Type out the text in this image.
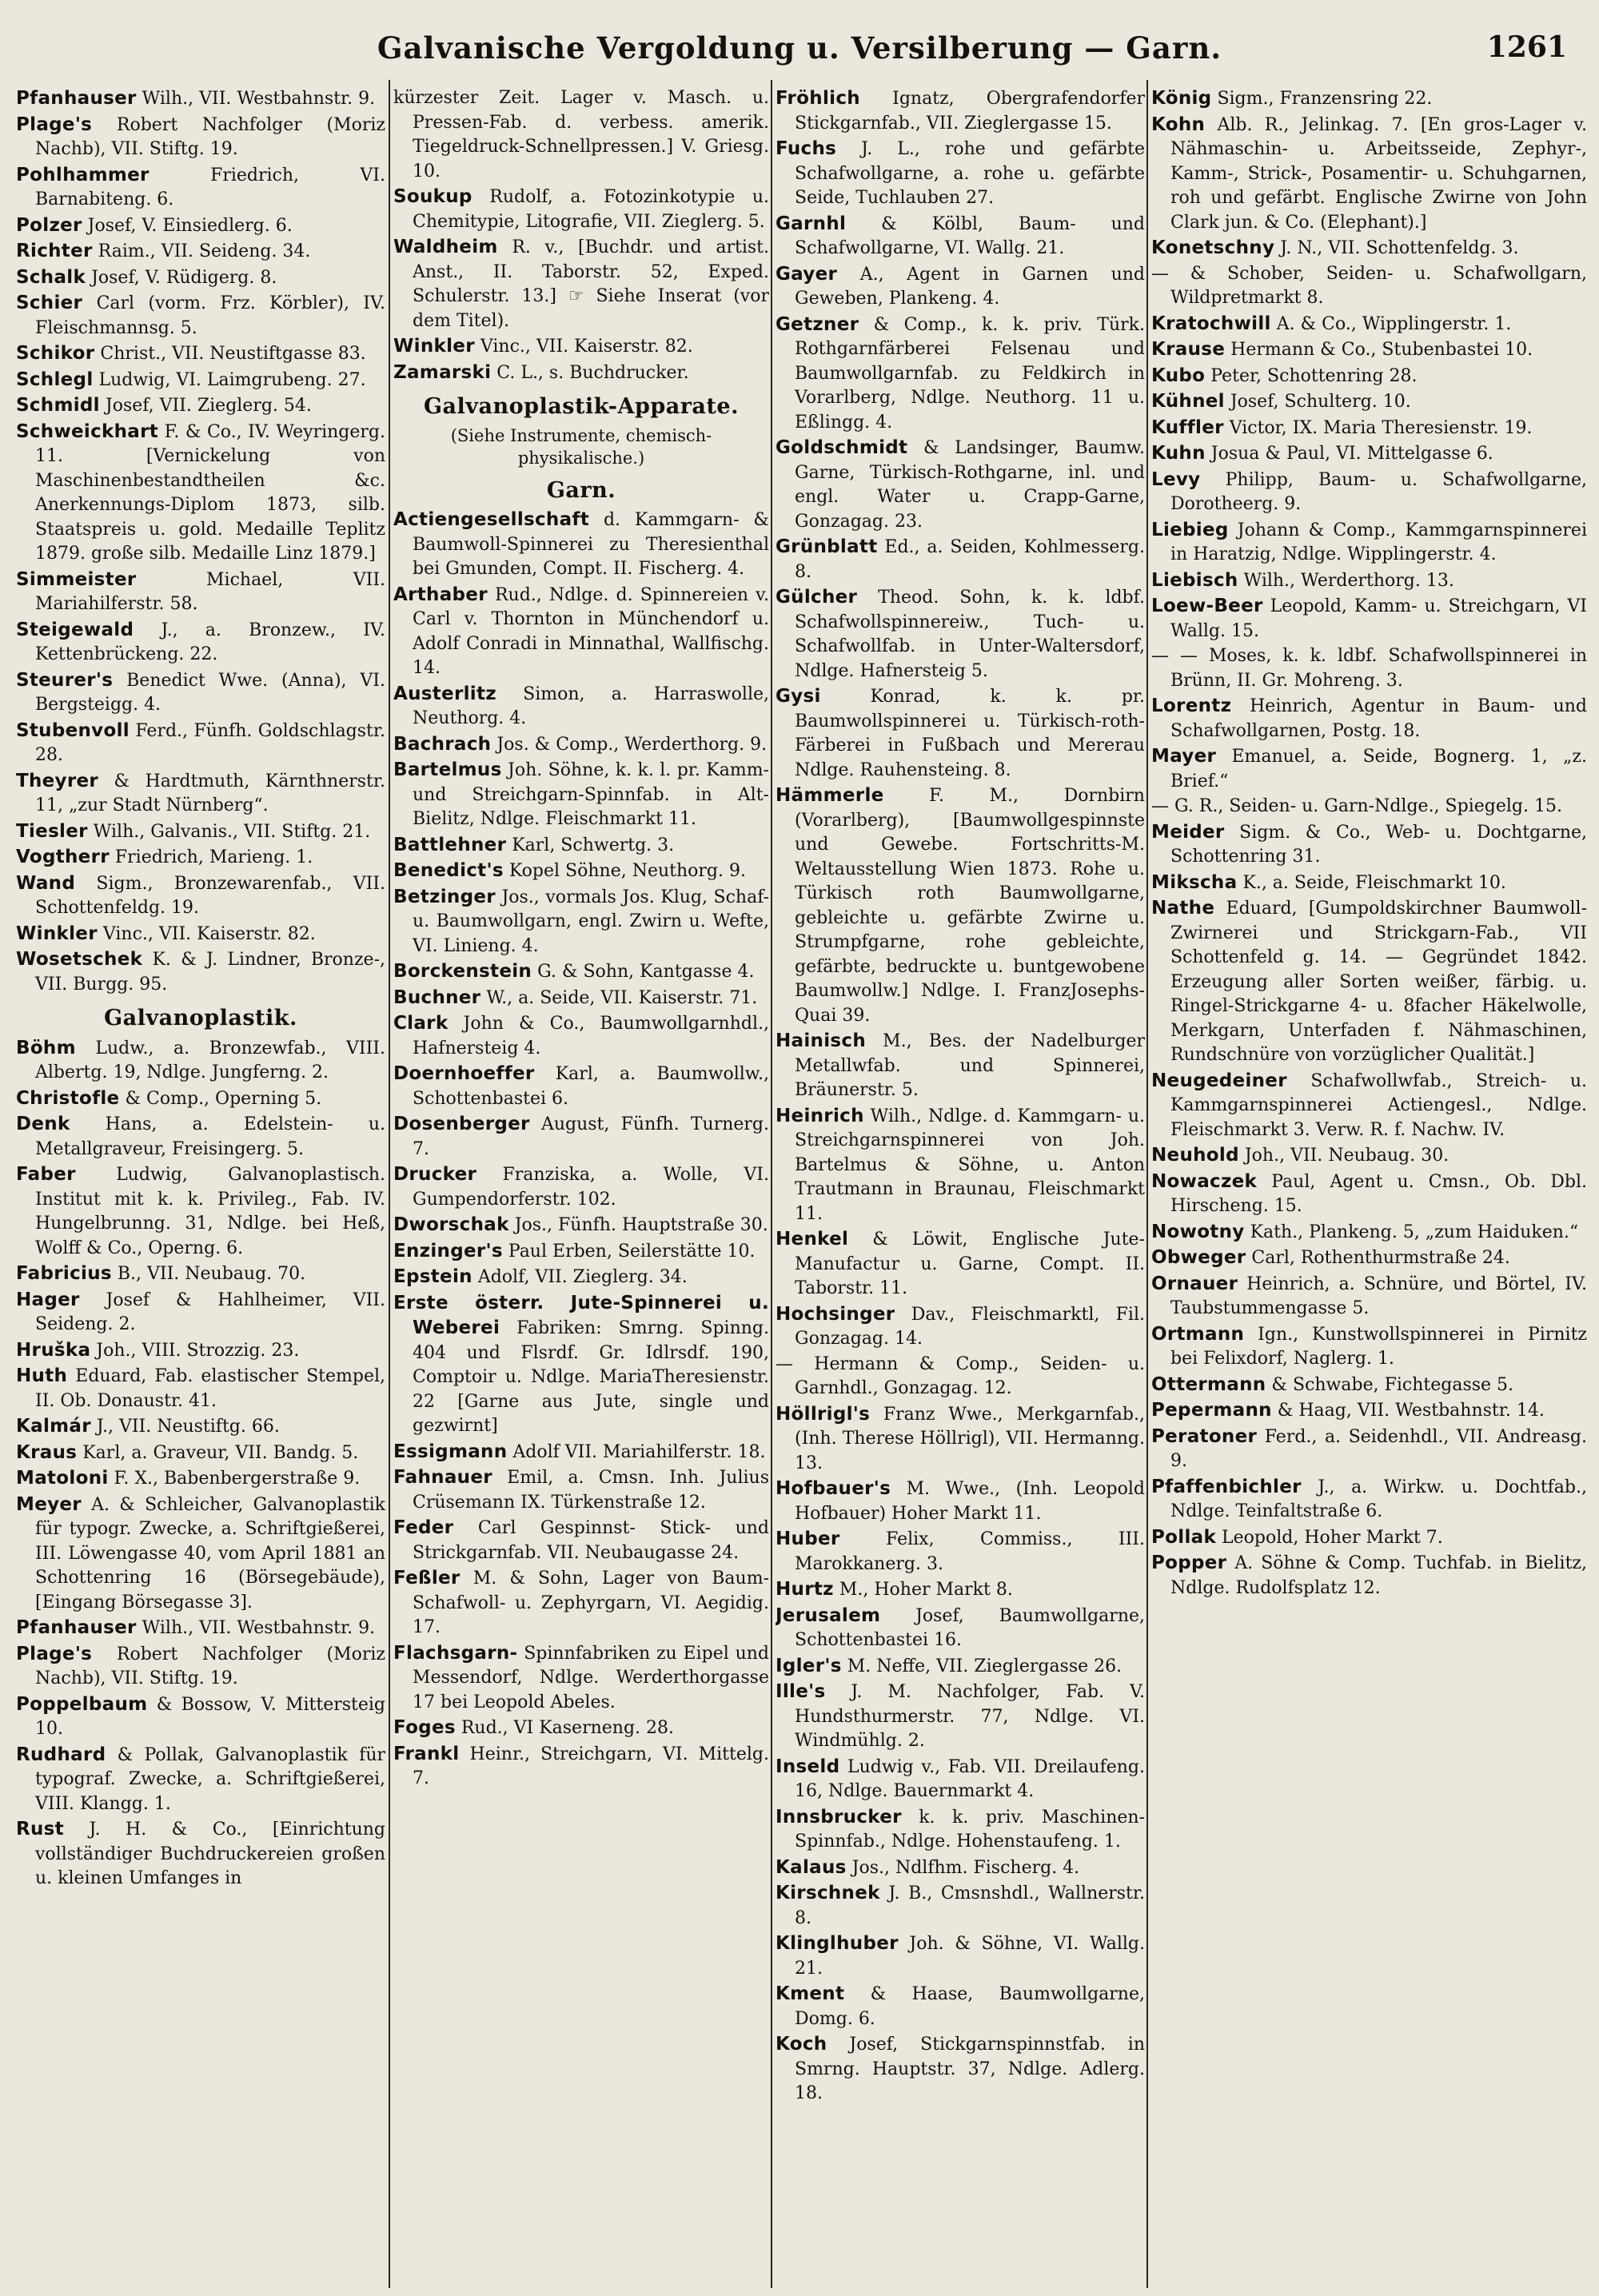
Galvanische Vergoldung u. Versilberung — Garn.	1261
Pfanhauser Wilh., VII. Westbahnstr. 9.
Plage's Robert Nachfolger (Moriz Nachb), VII. Stiftg. 19.
Pohlhammer	Friedrich, VI. Barnabiteng. 6.
Polzer Josef, V. Einsiedlerg. 6.
Richter Raim., VII. Seideng. 34.
Schalk Josef, V. Rüdigerg. 8.
Schier Carl (vorm. Frz. Körbler), IV. Fleischmannsg. 5.
Schikor Christ., VII. Neustiftgasse 83.
Schlegl Ludwig, VI. Laimgrubeng. 27.
Schmidl Josef, VII. Zieglerg. 54.
Schweickhart F. & Co., IV. Weyringerg. 11. [Vernickelung von Maschinenbestandtheilen &c. Anerkennungs-Diplom 1873, silb. Staatspreis u. gold. Medaille Teplitz 1879. große silb. Medaille Linz 1879.]
Simmeister	Michael, VII. Mariahilferstr. 58.
Steigewald J., a. Bronzew., IV. Kettenbrückeng. 22.
Steurer's Benedict Wwe. (Anna), VI. Bergsteigg. 4.
Stubenvoll Ferd., Fünfh. Goldschlagstr. 28.
Theyrer & Hardtmuth, Kärnthnerstr. 11, „zur Stadt Nürnberg“.
Tiesler Wilh., Galvanis., VII. Stiftg. 21.
Vogtherr Friedrich, Marieng. 1.
Wand Sigm., Bronzewarenfab., VII. Schottenfeldg. 19.
Winkler Vinc., VII. Kaiserstr. 82.
Wosetschek K. & J. Lindner, Bronze-, VII. Burgg. 95.
Galvanoplastik.
Böhm Ludw., a. Bronzewfab., VIII. Albertg. 19, Ndlge. Jungferng. 2.
Christofle & Comp., Operning 5.
Denk Hans, a. Edelstein- u. Metallgraveur, Freisingerg. 5.
Faber Ludwig, Galvanoplastisch. Institut mit k. k. Privileg., Fab. IV. Hungelbrunng. 31, Ndlge. bei Heß, Wolff & Co., Operng. 6.
Fabricius B., VII. Neubaug. 70.
Hager Josef & Hahlheimer, VII. Seideng. 2.
Hruška Joh., VIII. Strozzig. 23.
Huth Eduard, Fab. elastischer Stempel, II. Ob. Donaustr. 41.
Kalmár J., VII. Neustiftg. 66.
Kraus Karl, a. Graveur, VII. Bandg. 5.
Matoloni F. X., Babenbergerstraße 9.
Meyer A. & Schleicher, Galvanoplastik für typogr. Zwecke, a. Schriftgießerei, III. Löwengasse 40, vom April 1881 an Schottenring 16 (Börsegebäude), [Eingang Börsegasse 3].
Pfanhauser Wilh., VII. Westbahnstr. 9.
Plage's Robert Nachfolger (Moriz Nachb), VII. Stiftg. 19.
Poppelbaum & Bossow, V. Mittersteig 10.
Rudhard & Pollak, Galvanoplastik für typograf. Zwecke, a. Schriftgießerei, VIII. Klangg. 1.
Rust J. H. & Co., [Einrichtung vollständiger Buchdruckereien großen u. kleinen Umfanges in
kürzester Zeit. Lager v. Masch. u. Pressen-Fab. d. verbess. amerik. Tiegeldruck-Schnellpressen.] V. Griesg. 10.
Soukup Rudolf, a. Fotozinkotypie u. Chemitypie, Litografie, VII. Zieglerg. 5.
Waldheim R. v., [Buchdr. und artist. Anst., II. Taborstr. 52, Exped. Schulerstr. 13.] ☞ Siehe Inserat (vor dem Titel).
Winkler Vinc., VII. Kaiserstr. 82.
Zamarski C. L., s. Buchdrucker.
Galvanoplastik-Apparate.
(Siehe Instrumente, chemisch-physikalische.)
Garn.
Actiengesellschaft d. Kammgarn- & Baumwoll-Spinnerei zu Theresienthal bei Gmunden, Compt. II. Fischerg. 4.
Arthaber Rud., Ndlge. d. Spinnereien v. Carl v. Thornton in Münchendorf u. Adolf Conradi in Minnathal, Wallfischg. 14.
Austerlitz Simon, a. Harraswolle, Neuthorg. 4.
Bachrach Jos. & Comp., Werderthorg. 9.
Bartelmus Joh. Söhne, k. k. l. pr. Kamm- und Streichgarn-Spinnfab. in Alt-Bielitz, Ndlge. Fleischmarkt 11.
Battlehner Karl, Schwertg. 3.
Benedict's Kopel Söhne, Neuthorg. 9.
Betzinger Jos., vormals Jos. Klug, Schaf- u. Baumwollgarn, engl. Zwirn u. Wefte, VI. Linieng. 4.
Borckenstein G. & Sohn, Kantgasse 4.
Buchner W., a. Seide, VII. Kaiserstr. 71.
Clark John & Co., Baumwollgarnhdl., Hafnersteig 4.
Doernhoeffer Karl, a. Baumwollw., Schottenbastei 6.
Dosenberger August, Fünfh. Turnerg. 7.
Drucker Franziska, a. Wolle, VI. Gumpendorferstr. 102.
Dworschak Jos., Fünfh. Hauptstraße 30.
Enzinger's Paul Erben, Seilerstätte 10.
Epstein Adolf, VII. Zieglerg. 34.
Erste österr. Jute-Spinnerei u. Weberei Fabriken: Smrng. Spinng. 404 und Flsrdf. Gr. Idlrsdf. 190, Comptoir u. Ndlge. MariaTheresienstr. 22 [Garne aus Jute, single und gezwirnt]
Essigmann Adolf VII. Mariahilferstr. 18.
Fahnauer Emil, a. Cmsn. Inh. Julius Crüsemann IX. Türkenstraße 12.
Feder Carl Gespinnst- Stick- und Strickgarnfab. VII. Neubaugasse 24.
Feßler M. & Sohn, Lager von Baum- Schafwoll- u. Zephyrgarn, VI. Aegidig. 17.
Flachsgarn- Spinnfabriken zu Eipel und Messendorf, Ndlge. Werderthorgasse 17 bei Leopold Abeles.
Foges Rud., VI Kaserneng. 28.
Frankl Heinr., Streichgarn, VI. Mittelg. 7.
Fröhlich Ignatz, Obergrafendorfer Stickgarnfab., VII. Zieglergasse 15.
Fuchs J. L., rohe und gefärbte Schafwollgarne, a. rohe u. gefärbte Seide, Tuchlauben 27.
Garnhl & Kölbl, Baum- und Schafwollgarne, VI. Wallg. 21.
Gayer A., Agent in Garnen und Geweben, Plankeng. 4.
Getzner & Comp., k. k. priv. Türk. Rothgarnfärberei Felsenau und Baumwollgarnfab. zu Feldkirch in Vorarlberg, Ndlge. Neuthorg. 11 u. Eßlingg. 4.
Goldschmidt & Landsinger, Baumw. Garne, Türkisch-Rothgarne, inl. und engl. Water u. Crapp-Garne, Gonzagag. 23.
Grünblatt Ed., a. Seiden, Kohlmesserg. 8.
Gülcher Theod. Sohn, k. k. ldbf. Schafwollspinnereiw., Tuch- u. Schafwollfab. in Unter-Waltersdorf, Ndlge. Hafnersteig 5.
Gysi	Konrad, k. k. pr. Baumwollspinnerei u. Türkisch-roth-Färberei in Fußbach und Mererau Ndlge. Rauhensteing. 8.
Hämmerle	F. M., Dornbirn (Vorarlberg), [Baumwollgespinnste und Gewebe. Fortschritts-M. Weltausstellung Wien 1873. Rohe u. Türkisch roth Baumwollgarne, gebleichte u. gefärbte Zwirne u. Strumpfgarne, rohe gebleichte, gefärbte, bedruckte u. buntgewobene Baumwollw.] Ndlge. I. FranzJosephs-Quai 39.
Hainisch M., Bes. der Nadelburger Metallwfab. und Spinnerei, Bräunerstr. 5.
Heinrich Wilh., Ndlge. d. Kammgarn- u. Streichgarnspinnerei von Joh. Bartelmus & Söhne, u. Anton Trautmann in Braunau, Fleischmarkt 11.
Henkel & Löwit, Englische Jute-Manufactur u. Garne, Compt. II. Taborstr. 11.
Hochsinger Dav., Fleischmarktl, Fil. Gonzagag. 14.
— Hermann & Comp., Seiden- u. Garnhdl., Gonzagag. 12.
Höllrigl's Franz Wwe., Merkgarnfab., (Inh. Therese Höllrigl), VII. Hermanng. 13.
Hofbauer's M. Wwe., (Inh. Leopold Hofbauer) Hoher Markt 11.
Huber	Felix, Commiss., III. Marokkanerg. 3.
Hurtz M., Hoher Markt 8.
Jerusalem Josef, Baumwollgarne, Schottenbastei 16.
Igler's M. Neffe, VII. Zieglergasse 26.
Ille's J. M. Nachfolger, Fab. V. Hundsthurmerstr. 77, Ndlge. VI. Windmühlg. 2.
Inseld Ludwig v., Fab. VII. Dreilaufeng. 16, Ndlge. Bauernmarkt 4.
Innsbrucker k. k. priv. Maschinen-Spinnfab., Ndlge. Hohenstaufeng. 1.
Kalaus Jos., Ndlfhm. Fischerg. 4.
Kirschnek J. B., Cmsnshdl., Wallnerstr. 8.
Klinglhuber Joh. & Söhne, VI. Wallg. 21.
Kment & Haase, Baumwollgarne, Domg. 6.
Koch Josef, Stickgarnspinnstfab. in Smrng. Hauptstr. 37, Ndlge. Adlerg. 18.
König Sigm., Franzensring 22.
Kohn Alb. R., Jelinkag. 7. [En gros-Lager v. Nähmaschin- u. Arbeitsseide, Zephyr-, Kamm-, Strick-, Posamentir- u. Schuhgarnen, roh und gefärbt. Englische Zwirne von John Clark jun. & Co. (Elephant).]
Konetschny J. N., VII. Schottenfeldg. 3.
— & Schober, Seiden- u. Schafwollgarn, Wildpretmarkt 8.
Kratochwill A. & Co., Wipplingerstr. 1.
Krause Hermann & Co., Stubenbastei 10.
Kubo Peter, Schottenring 28.
Kühnel Josef, Schulterg. 10.
Kuffler Victor, IX. Maria Theresienstr. 19.
Kuhn Josua & Paul, VI. Mittelgasse 6.
Levy Philipp, Baum- u. Schafwollgarne, Dorotheerg. 9.
Liebieg Johann & Comp., Kammgarnspinnerei in Haratzig, Ndlge. Wipplingerstr. 4.
Liebisch Wilh., Werderthorg. 13.
Loew-Beer Leopold, Kamm- u. Streichgarn, VI Wallg. 15.
— — Moses, k. k. ldbf. Schafwollspinnerei in Brünn, II. Gr. Mohreng. 3.
Lorentz Heinrich, Agentur in Baum- und Schafwollgarnen, Postg. 18.
Mayer Emanuel, a. Seide, Bognerg. 1, „z. Brief.“
— G. R., Seiden- u. Garn-Ndlge., Spiegelg. 15.
Meider Sigm. & Co., Web- u. Dochtgarne, Schottenring 31.
Mikscha K., a. Seide, Fleischmarkt 10.
Nathe Eduard, [Gumpoldskirchner Baumwoll-Zwirnerei und Strickgarn-Fab., VII Schottenfeld g. 14. — Gegründet 1842. Erzeugung aller Sorten weißer, färbig. u. Ringel-Strickgarne 4- u. 8facher Häkelwolle, Merkgarn, Unterfaden f. Nähmaschinen, Rundschnüre von vorzüglicher Qualität.]
Neugedeiner Schafwollwfab., Streich- u. Kammgarnspinnerei Actiengesl., Ndlge. Fleischmarkt 3. Verw. R. f. Nachw. IV.
Neuhold Joh., VII. Neubaug. 30.
Nowaczek Paul, Agent u. Cmsn., Ob. Dbl. Hirscheng. 15.
Nowotny Kath., Plankeng. 5, „zum Haiduken.“
Obweger Carl, Rothenthurmstraße 24.
Ornauer Heinrich, a. Schnüre, und Börtel, IV. Taubstummengasse 5.
Ortmann Ign., Kunstwollspinnerei in Pirnitz bei Felixdorf, Naglerg. 1.
Ottermann & Schwabe, Fichtegasse 5.
Pepermann & Haag, VII. Westbahnstr. 14.
Peratoner Ferd., a. Seidenhdl., VII. Andreasg. 9.
Pfaffenbichler J., a. Wirkw. u. Dochtfab., Ndlge. Teinfaltstraße 6.
Pollak Leopold, Hoher Markt 7.
Popper A. Söhne & Comp. Tuchfab. in Bielitz, Ndlge. Rudolfsplatz 12.
